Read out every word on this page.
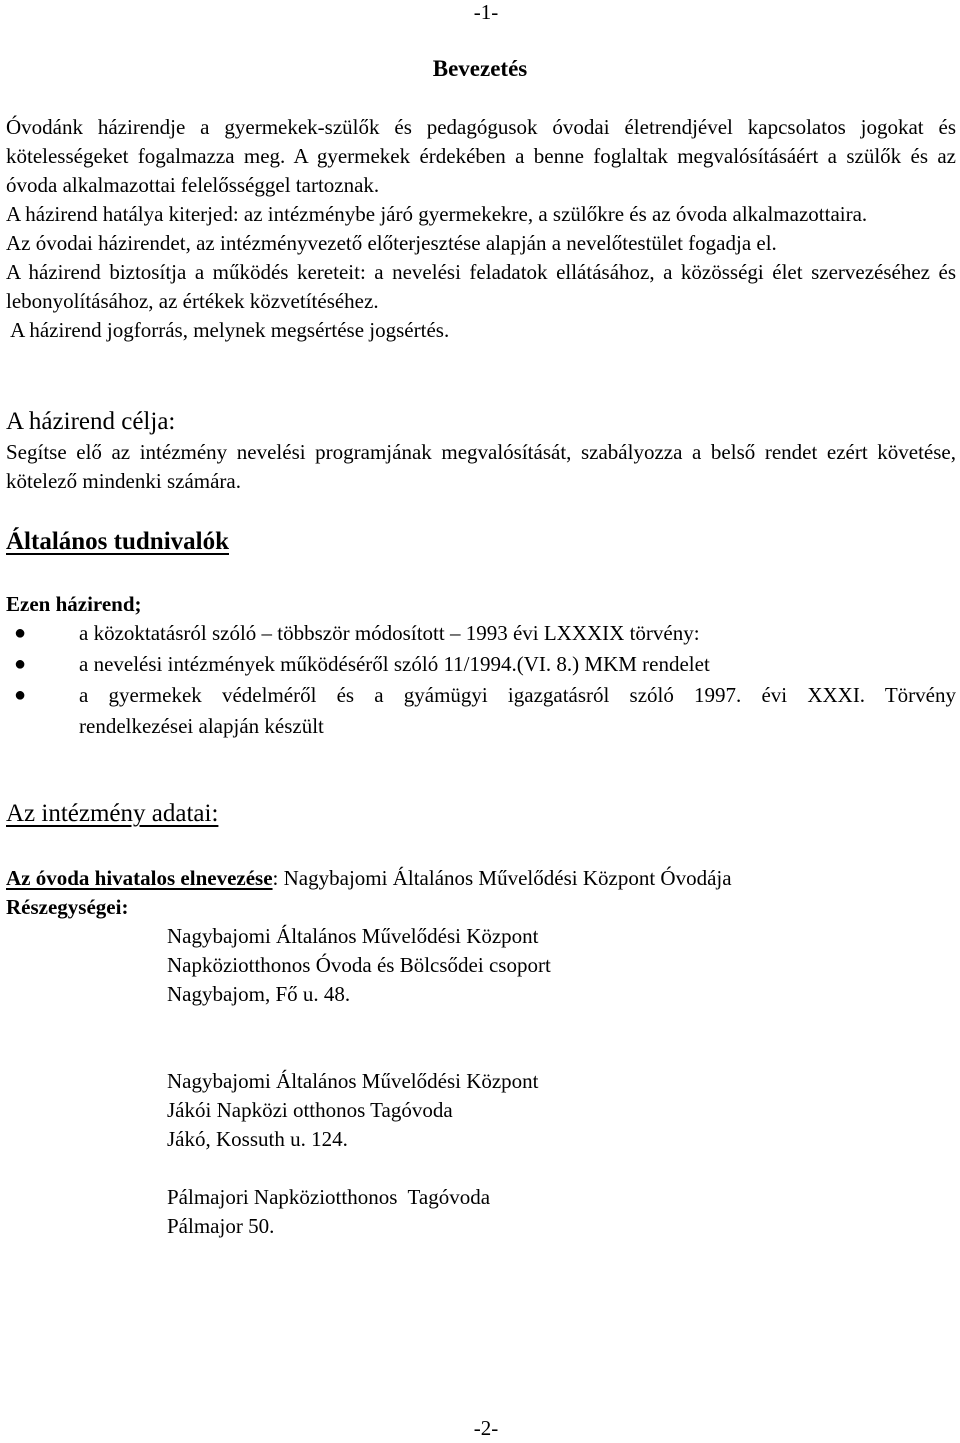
-1-
Bevezetés

Óvodánk házirendje a gyermekek-szülők és pedagógusok óvodai életrendjével kapcsolatos jogokat és kötelességeket fogalmazza meg. A gyermekek érdekében a benne foglaltak megvalósításáért a szülők és az óvoda alkalmazottai felelősséggel tartoznak.

A házirend hatálya kiterjed: az intézménybe járó gyermekekre, a szülőkre és az óvoda alkalmazottaira.

Az óvodai házirendet, az intézményvezető előterjesztése alapján a nevelőtestület fogadja el.

A házirend biztosítja a működés kereteit: a nevelési feladatok ellátásához, a közösségi élet szervezéséhez és lebonyolításához, az értékek közvetítéséhez.

A házirend jogforrás, melynek megsértése jogsértés.

A házirend célja:

Segítse elő az intézmény nevelési programjának megvalósítását, szabályozza a belső rendet ezért követése, kötelező mindenki számára.

Általános tudnivalók
Ezen házirend;
●	a közoktatásról szóló – többször módosított – 1993 évi LXXXIX törvény:
●	a nevelési intézmények működéséről szóló 11/1994.(VI. 8.) MKM rendelet
●	a gyermekek védelméről és a gyámügyi igazgatásról szóló 1997. évi XXXI. Törvény
rendelkezései alapján készült
Az intézmény adatai:
Az óvoda hivatalos elnevezése: Nagybajomi Általános Művelődési Központ Óvodája
Részegységei:
Nagybajomi Általános Művelődési Központ
Napköziotthonos Óvoda és Bölcsődei csoport
Nagybajom, Fő u. 48.
Nagybajomi Általános Művelődési Központ
Jákói Napközi otthonos Tagóvoda
Jákó, Kossuth u. 124.
Pálmajori Napköziotthonos  Tagóvoda
Pálmajor 50.
-2-
